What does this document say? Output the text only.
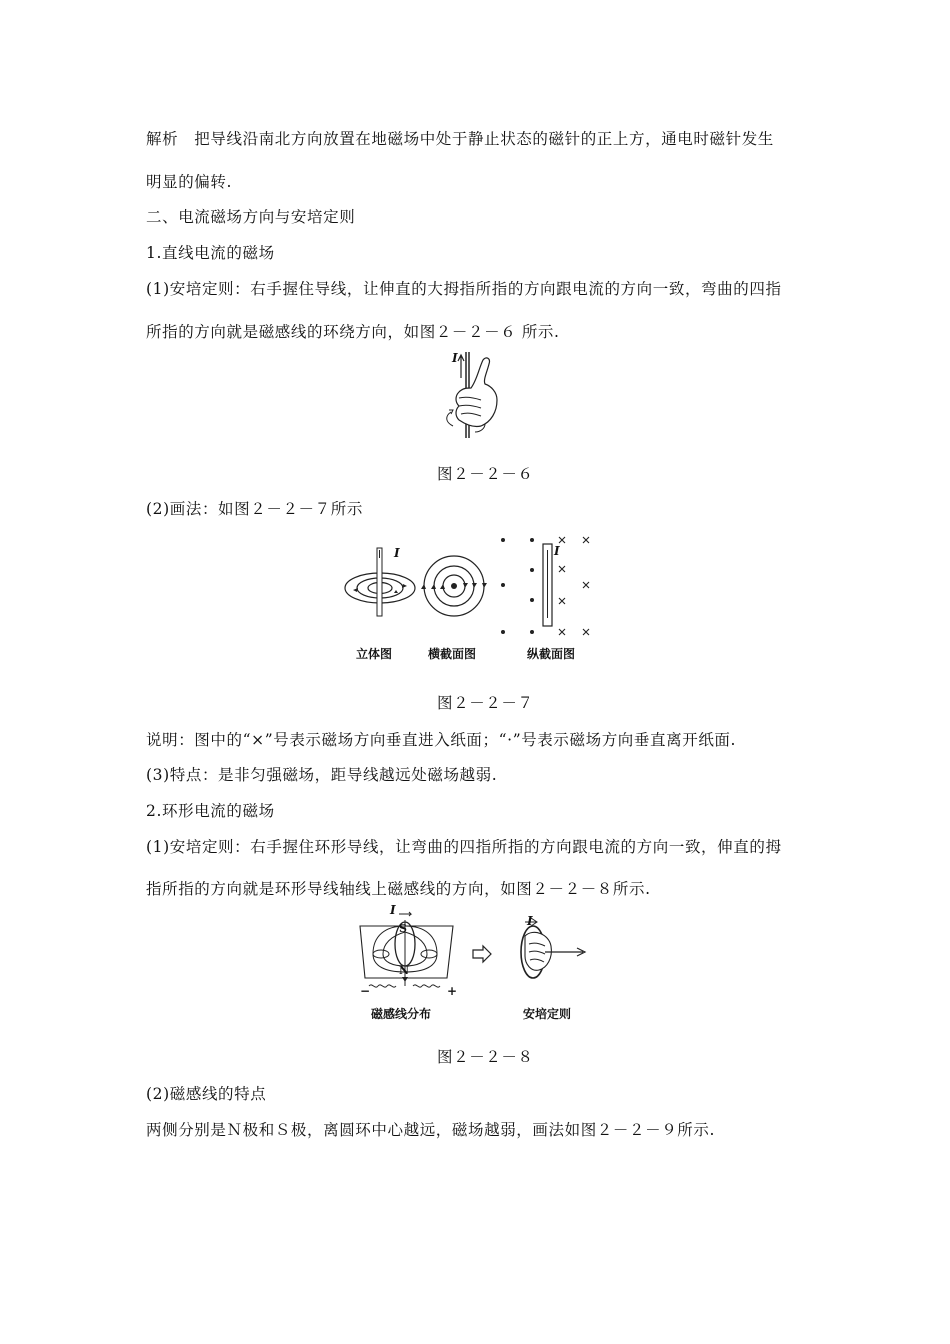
解析　把导线沿南北方向放置在地磁场中处于静止状态的磁针的正上方，通电时磁针发生
明显的偏转.
二、电流磁场方向与安培定则
1.直线电流的磁场
(1)安培定则：右手握住导线，让伸直的大拇指所指的方向跟电流的方向一致，弯曲的四指
所指的方向就是磁感线的环绕方向，如图２－２－６ 所示.
I
图２－２－６
(2)画法：如图２－２－７所示
I	I
立体图	横截面图	纵截面图
图２－２－７
说明：图中的“×”号表示磁场方向垂直进入纸面；“·”号表示磁场方向垂直离开纸面.
(3)特点：是非匀强磁场，距导线越远处磁场越弱.
2.环形电流的磁场
(1)安培定则：右手握住环形导线，让弯曲的四指所指的方向跟电流的方向一致，伸直的拇
指所指的方向就是环形导线轴线上磁感线的方向，如图２－２－８所示.
I
S
N
−	+
I
磁感线分布	安培定则
图２－２－８
(2)磁感线的特点
两侧分别是Ｎ极和Ｓ极，离圆环中心越远，磁场越弱，画法如图２－２－９所示.
